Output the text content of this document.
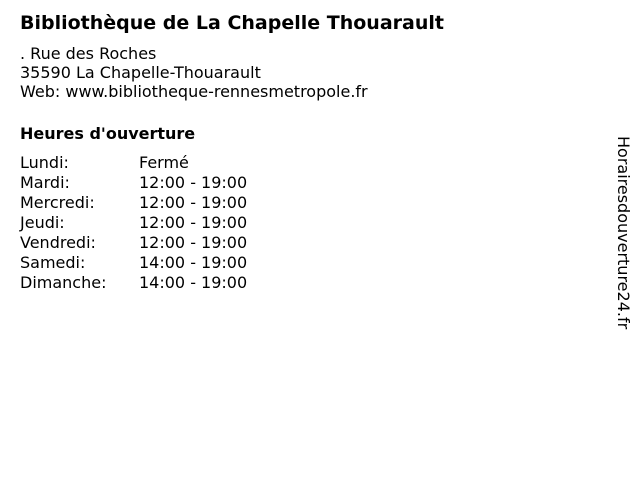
Bibliothèque de La Chapelle Thouarault
. Rue des Roches
35590 La Chapelle-Thouarault
Web: www.bibliotheque-rennesmetropole.fr
Heures d'ouverture
Lundi:	Fermé
Mardi:	12:00 - 19:00
Mercredi:	12:00 - 19:00
Jeudi:	12:00 - 19:00
Vendredi:	12:00 - 19:00
Samedi:	14:00 - 19:00
Dimanche: 14:00 - 19:00	Horairesdouverture24.fr
